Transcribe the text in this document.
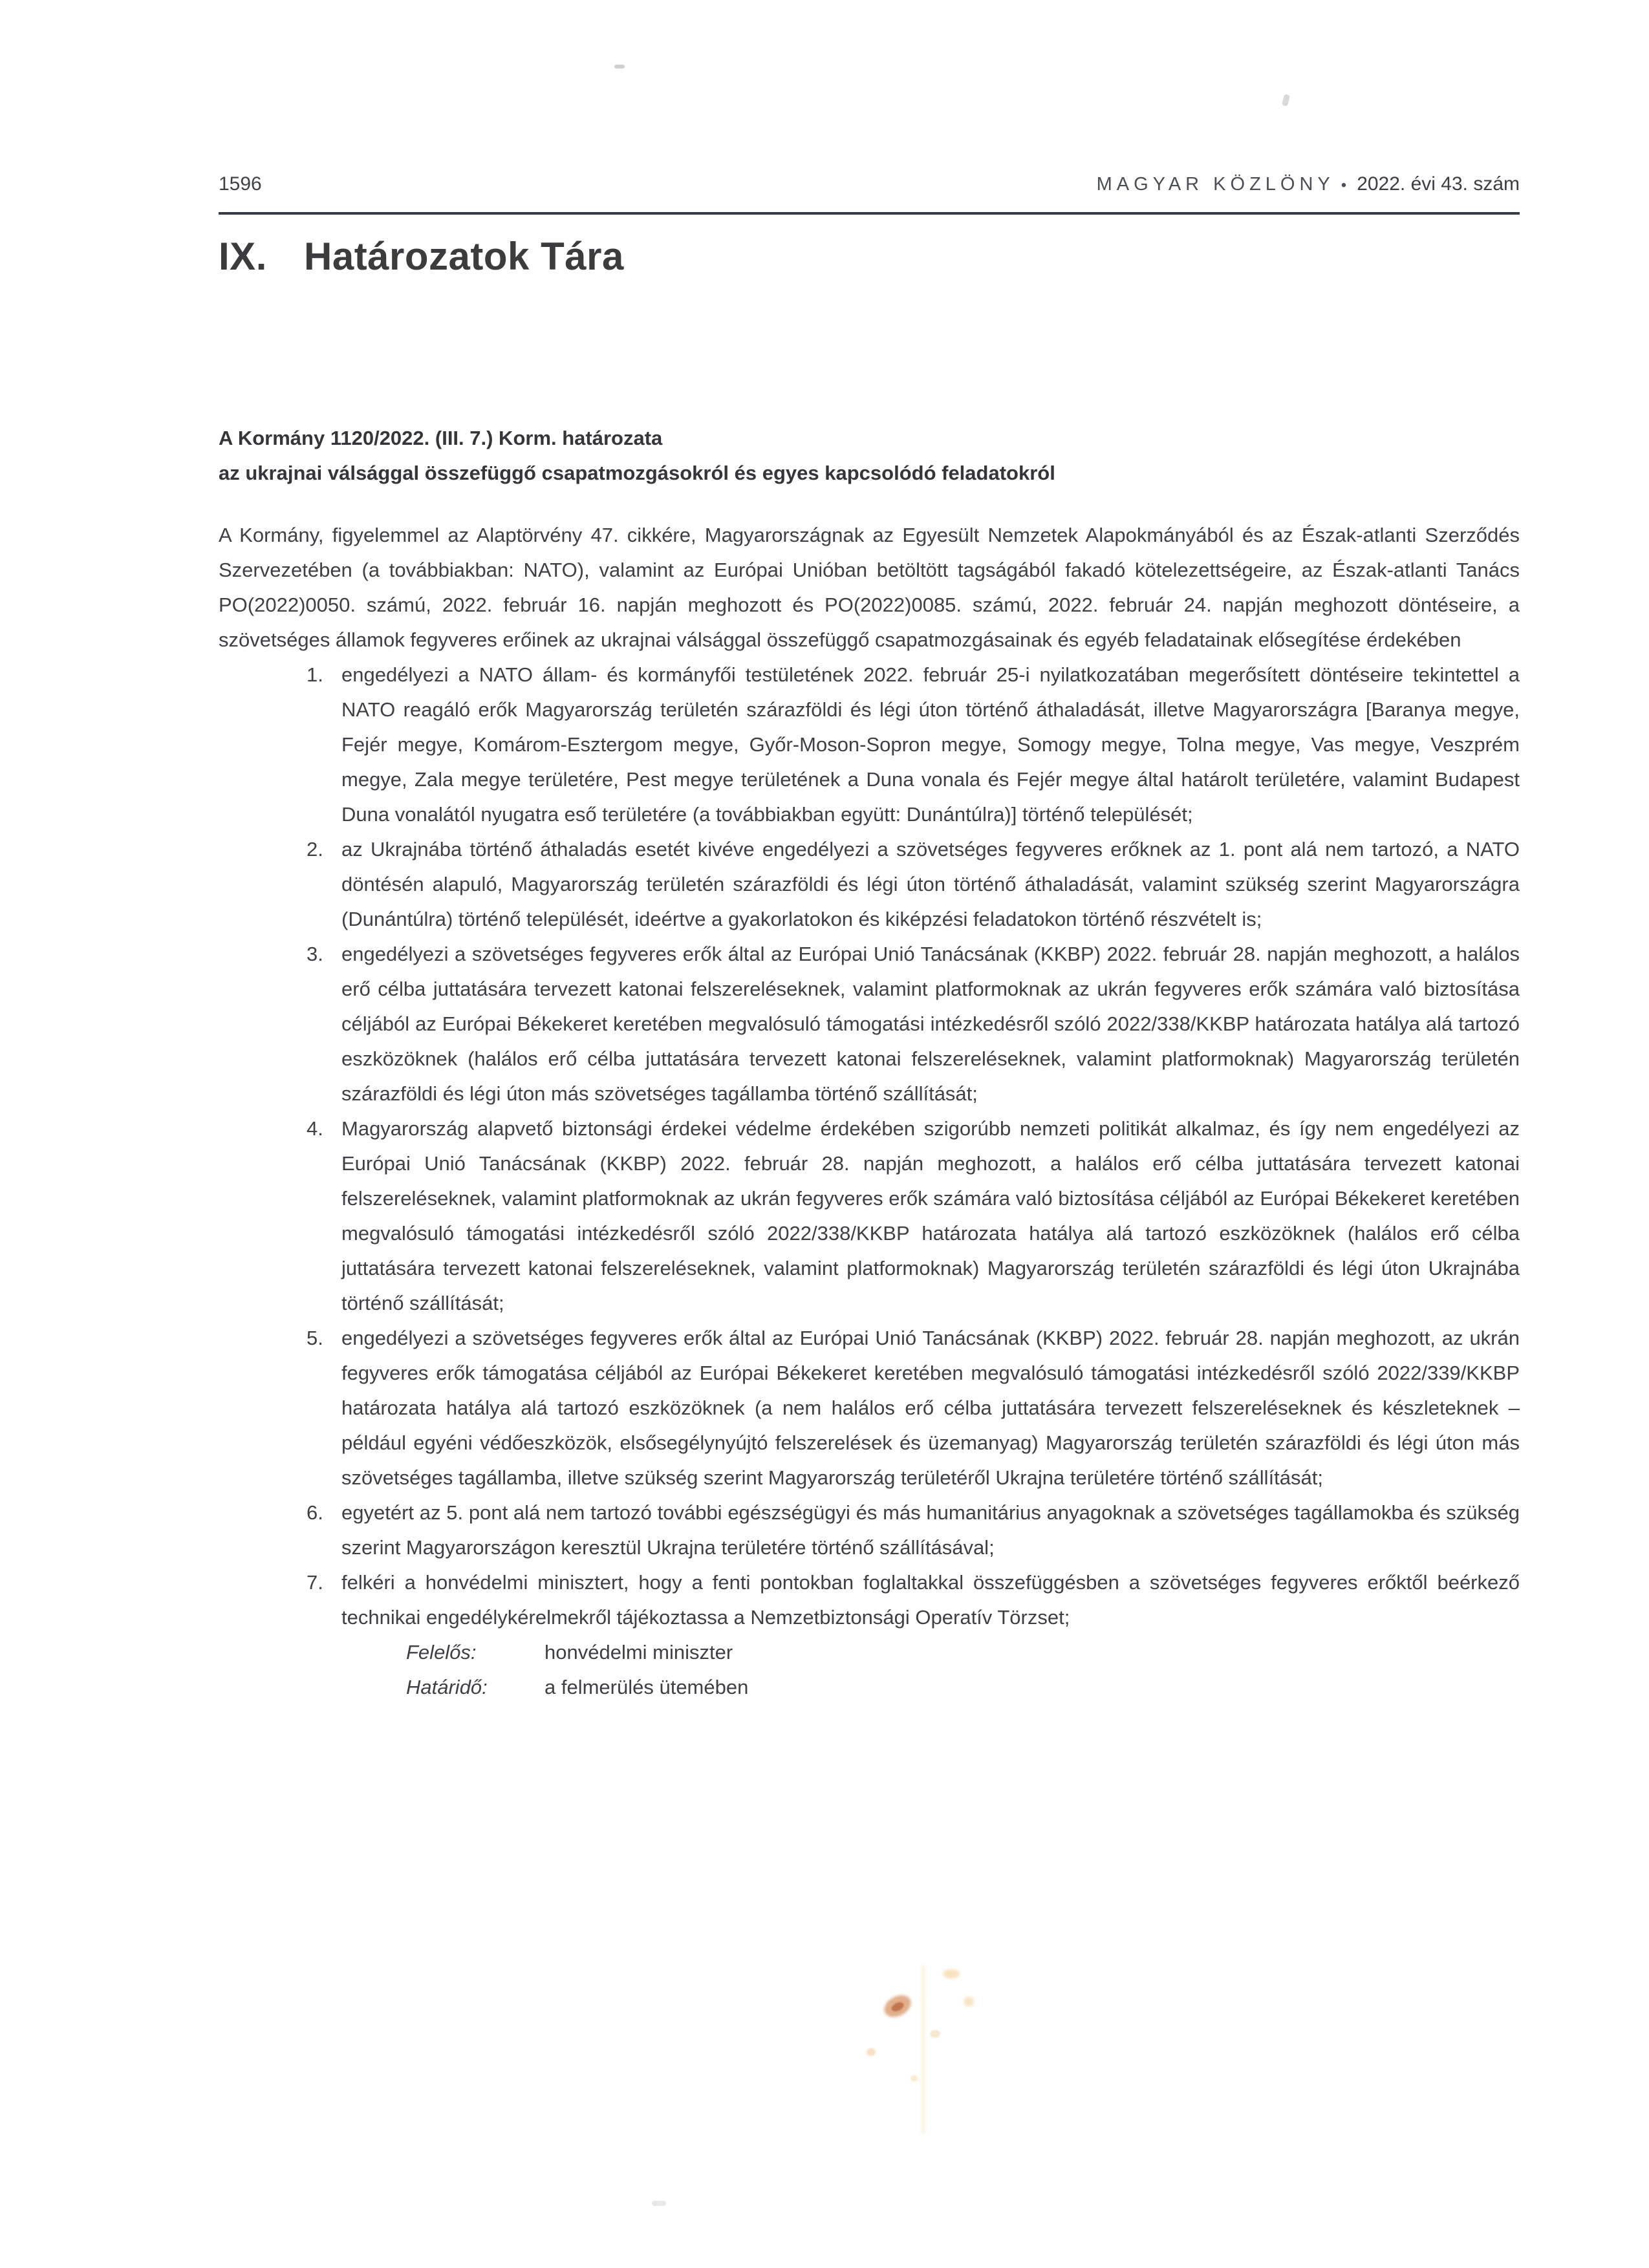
1596	MAGYAR KÖZLÖNY • 2022. évi 43. szám
IX. Határozatok Tára
A Kormány 1120/2022. (III. 7.) Korm. határozata
az ukrajnai válsággal összefüggő csapatmozgásokról és egyes kapcsolódó feladatokról
A Kormány, figyelemmel az Alaptörvény 47. cikkére, Magyarországnak az Egyesült Nemzetek Alapokmányából és az Észak-atlanti Szerződés Szervezetében (a továbbiakban: NATO), valamint az Európai Unióban betöltött tagságából fakadó kötelezettségeire, az Észak-atlanti Tanács PO(2022)0050. számú, 2022. február 16. napján meghozott és PO(2022)0085. számú, 2022. február 24. napján meghozott döntéseire, a szövetséges államok fegyveres erőinek az ukrajnai válsággal összefüggő csapatmozgásainak és egyéb feladatainak elősegítése érdekében
1. engedélyezi a NATO állam- és kormányfői testületének 2022. február 25-i nyilatkozatában megerősített döntéseire tekintettel a NATO reagáló erők Magyarország területén szárazföldi és légi úton történő áthaladását, illetve Magyarországra [Baranya megye, Fejér megye, Komárom-Esztergom megye, Győr-Moson-Sopron megye, Somogy megye, Tolna megye, Vas megye, Veszprém megye, Zala megye területére, Pest megye területének a Duna vonala és Fejér megye által határolt területére, valamint Budapest Duna vonalától nyugatra eső területére (a továbbiakban együtt: Dunántúlra)] történő települését;
2. az Ukrajnába történő áthaladás esetét kivéve engedélyezi a szövetséges fegyveres erőknek az 1. pont alá nem tartozó, a NATO döntésén alapuló, Magyarország területén szárazföldi és légi úton történő áthaladását, valamint szükség szerint Magyarországra (Dunántúlra) történő települését, ideértve a gyakorlatokon és kiképzési feladatokon történő részvételt is;
3. engedélyezi a szövetséges fegyveres erők által az Európai Unió Tanácsának (KKBP) 2022. február 28. napján meghozott, a halálos erő célba juttatására tervezett katonai felszereléseknek, valamint platformoknak az ukrán fegyveres erők számára való biztosítása céljából az Európai Békekeret keretében megvalósuló támogatási intézkedésről szóló 2022/338/KKBP határozata hatálya alá tartozó eszközöknek (halálos erő célba juttatására tervezett katonai felszereléseknek, valamint platformoknak) Magyarország területén szárazföldi és légi úton más szövetséges tagállamba történő szállítását;
4. Magyarország alapvető biztonsági érdekei védelme érdekében szigorúbb nemzeti politikát alkalmaz, és így nem engedélyezi az Európai Unió Tanácsának (KKBP) 2022. február 28. napján meghozott, a halálos erő célba juttatására tervezett katonai felszereléseknek, valamint platformoknak az ukrán fegyveres erők számára való biztosítása céljából az Európai Békekeret keretében megvalósuló támogatási intézkedésről szóló 2022/338/KKBP határozata hatálya alá tartozó eszközöknek (halálos erő célba juttatására tervezett katonai felszereléseknek, valamint platformoknak) Magyarország területén szárazföldi és légi úton Ukrajnába történő szállítását;
5. engedélyezi a szövetséges fegyveres erők által az Európai Unió Tanácsának (KKBP) 2022. február 28. napján meghozott, az ukrán fegyveres erők támogatása céljából az Európai Békekeret keretében megvalósuló támogatási intézkedésről szóló 2022/339/KKBP határozata hatálya alá tartozó eszközöknek (a nem halálos erő célba juttatására tervezett felszereléseknek és készleteknek – például egyéni védőeszközök, elsősegélynyújtó felszerelések és üzemanyag) Magyarország területén szárazföldi és légi úton más szövetséges tagállamba, illetve szükség szerint Magyarország területéről Ukrajna területére történő szállítását;
6. egyetért az 5. pont alá nem tartozó további egészségügyi és más humanitárius anyagoknak a szövetséges tagállamokba és szükség szerint Magyarországon keresztül Ukrajna területére történő szállításával;
7. felkéri a honvédelmi minisztert, hogy a fenti pontokban foglaltakkal összefüggésben a szövetséges fegyveres erőktől beérkező technikai engedélykérelmekről tájékoztassa a Nemzetbiztonsági Operatív Törzset;
Felelős:	honvédelmi miniszter
Határidő:	a felmerülés ütemében
